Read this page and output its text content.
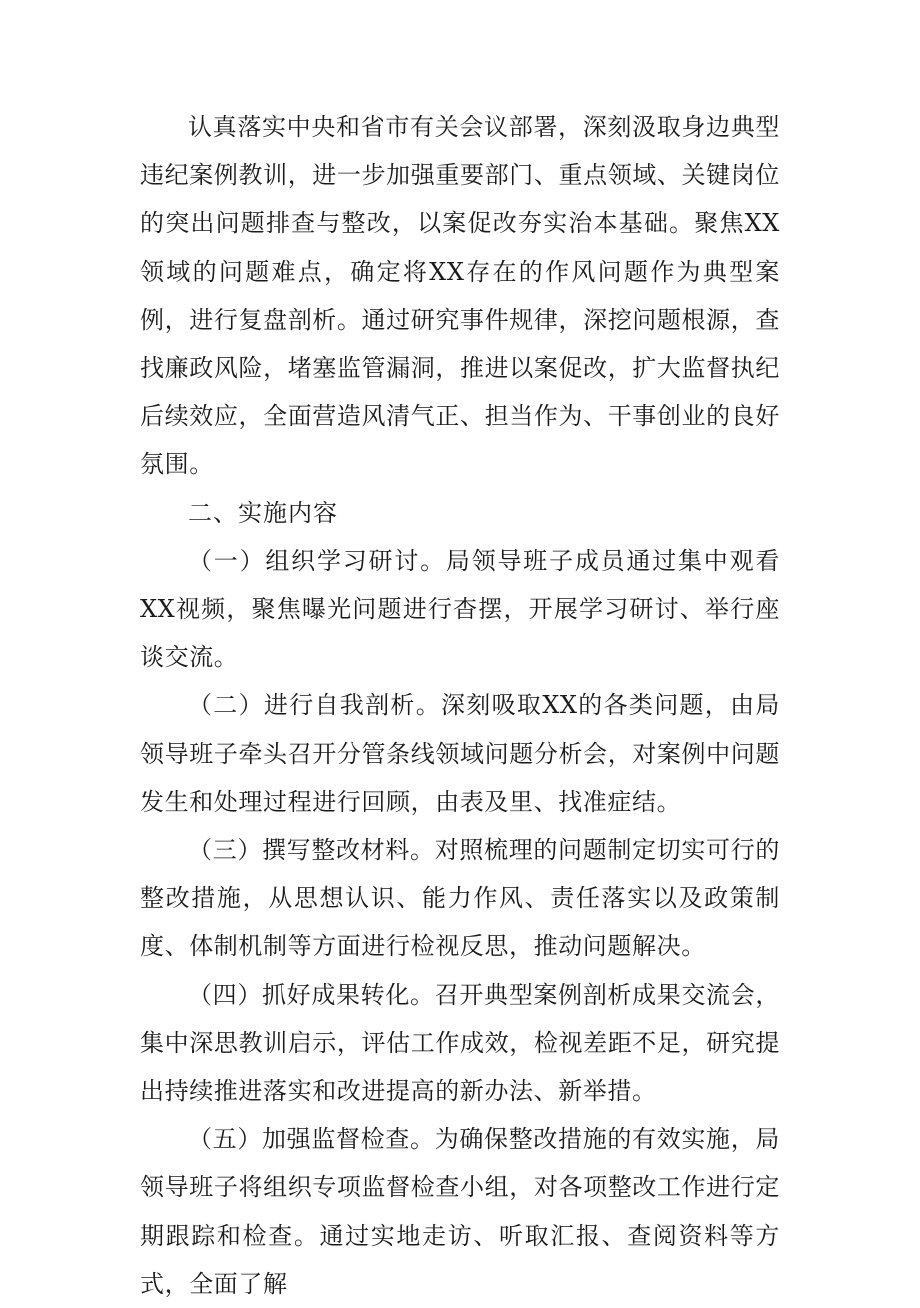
认真落实中央和省市有关会议部署，深刻汲取身边典型违纪案例教训，进一步加强重要部门、重点领域、关键岗位的突出问题排查与整改，以案促改夯实治本基础。聚焦XX领域的问题难点，确定将XX存在的作风问题作为典型案例，进行复盘剖析。通过研究事件规律，深挖问题根源，查找廉政风险，堵塞监管漏洞，推进以案促改，扩大监督执纪后续效应，全面营造风清气正、担当作为、干事创业的良好氛围。

二、实施内容

（一）组织学习研讨。局领导班子成员通过集中观看XX视频，聚焦曝光问题进行杳摆，开展学习研讨、举行座谈交流。

（二）进行自我剖析。深刻吸取XX的各类问题，由局领导班子牵头召开分管条线领域问题分析会，对案例中问题发生和处理过程进行回顾，由表及里、找准症结。

（三）撰写整改材料。对照梳理的问题制定切实可行的整改措施，从思想认识、能力作风、责任落实以及政策制度、体制机制等方面进行检视反思，推动问题解决。

（四）抓好成果转化。召开典型案例剖析成果交流会，集中深思教训启示，评估工作成效，检视差距不足，研究提出持续推进落实和改进提高的新办法、新举措。

（五）加强监督检查。为确保整改措施的有效实施，局领导班子将组织专项监督检查小组，对各项整改工作进行定期跟踪和检查。通过实地走访、听取汇报、查阅资料等方式，全面了解
